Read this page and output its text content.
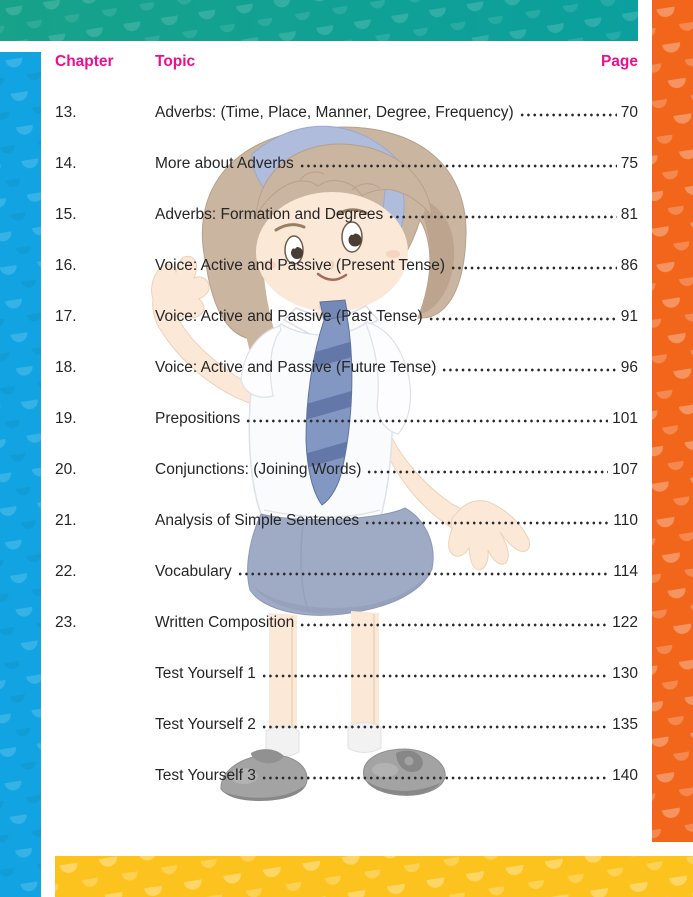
Chapter	Topic	Page
13.	Adverbs: (Time, Place, Manner, Degree, Frequency)	70
14.	More about Adverbs	75
15.	Adverbs: Formation and Degrees	81
16.	Voice: Active and Passive (Present Tense)	86
17.	Voice: Active and Passive (Past Tense)	91
18.	Voice: Active and Passive (Future Tense)	96
19.	Prepositions	101
20.	Conjunctions: (Joining Words)	107
21.	Analysis of Simple Sentences	110
22.	Vocabulary	114
23.	Written Composition	122
Test Yourself 1	130
Test Yourself 2	135
Test Yourself 3	140
